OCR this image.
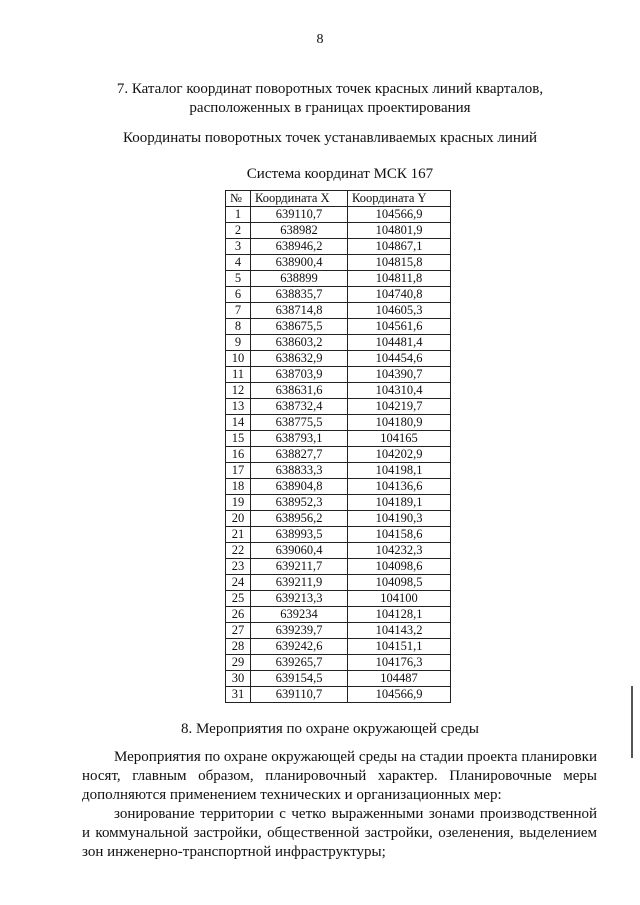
8
7. Каталог координат поворотных точек красных линий кварталов,
расположенных в границах проектирования
Координаты поворотных точек устанавливаемых красных линий
Система координат МСК 167
№	Координата X	Координата Y
1	639110,7	104566,9
2	638982	104801,9
3	638946,2	104867,1
4	638900,4	104815,8
5	638899	104811,8
6	638835,7	104740,8
7	638714,8	104605,3
8	638675,5	104561,6
9	638603,2	104481,4
10	638632,9	104454,6
11	638703,9	104390,7
12	638631,6	104310,4
13	638732,4	104219,7
14	638775,5	104180,9
15	638793,1	104165
16	638827,7	104202,9
17	638833,3	104198,1
18	638904,8	104136,6
19	638952,3	104189,1
20	638956,2	104190,3
21	638993,5	104158,6
22	639060,4	104232,3
23	639211,7	104098,6
24	639211,9	104098,5
25	639213,3	104100
26	639234	104128,1
27	639239,7	104143,2
28	639242,6	104151,1
29	639265,7	104176,3
30	639154,5	104487
31	639110,7	104566,9
8. Мероприятия по охране окружающей среды
Мероприятия по охране окружающей среды на стадии проекта планировки носят, главным образом, планировочный характер. Планировочные меры дополняются применением технических и организационных мер:
зонирование территории с четко выраженными зонами производственной и коммунальной застройки, общественной застройки, озеленения, выделением зон инженерно-транспортной инфраструктуры;
